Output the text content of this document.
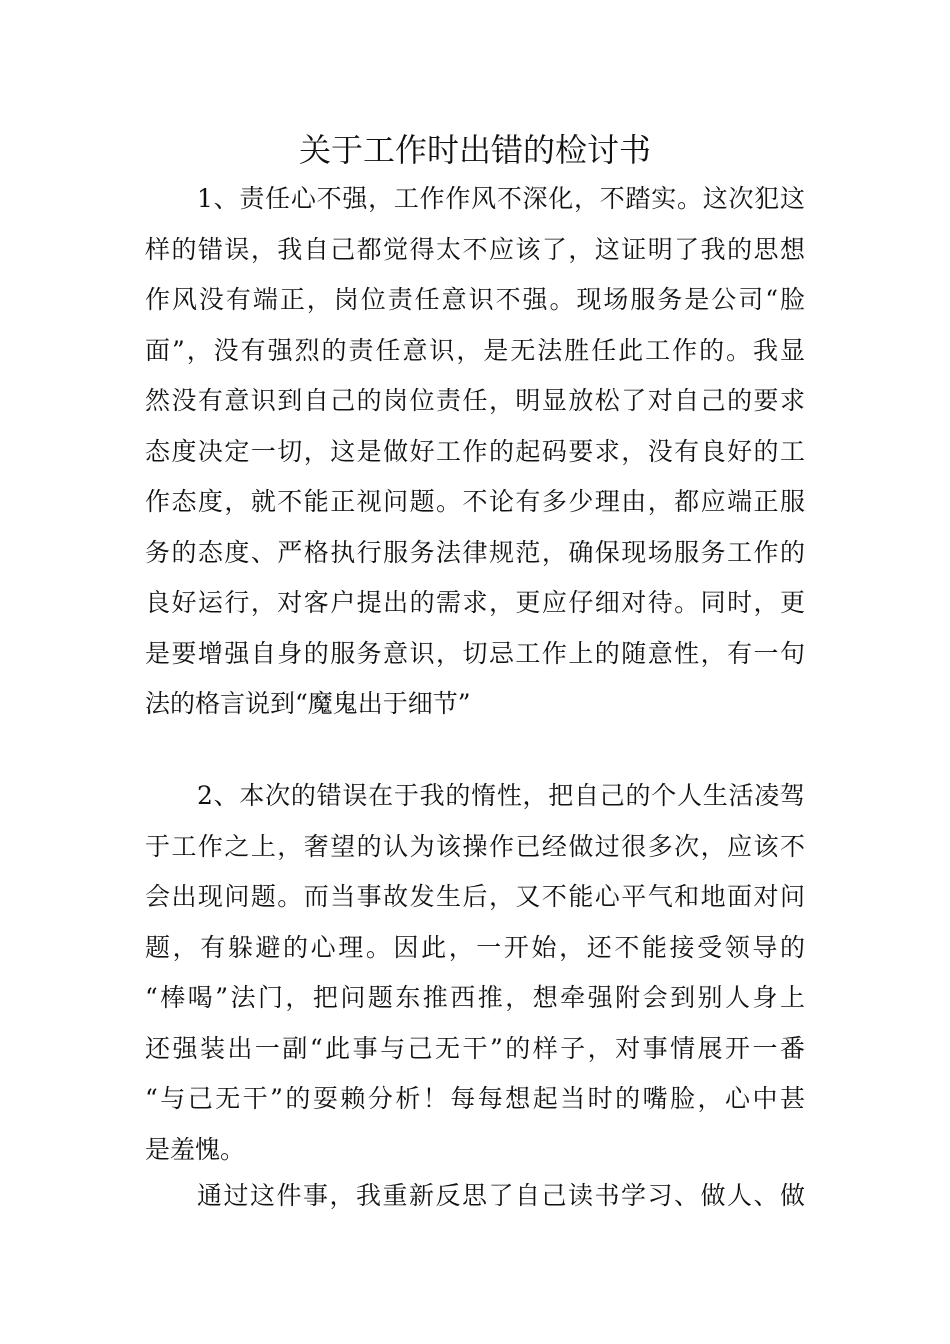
关于工作时出错的检讨书
1、责任心不强，工作作风不深化，不踏实。这次犯这
样的错误，我自己都觉得太不应该了，这证明了我的思想
作风没有端正，岗位责任意识不强。现场服务是公司“脸
面”，没有强烈的责任意识，是无法胜任此工作的。我显
然没有意识到自己的岗位责任，明显放松了对自己的要求
态度决定一切，这是做好工作的起码要求，没有良好的工
作态度，就不能正视问题。不论有多少理由，都应端正服
务的态度、严格执行服务法律规范，确保现场服务工作的
良好运行，对客户提出的需求，更应仔细对待。同时，更
是要增强自身的服务意识，切忌工作上的随意性，有一句
法的格言说到“魔鬼出于细节”
2、本次的错误在于我的惰性，把自己的个人生活凌驾
于工作之上，奢望的认为该操作已经做过很多次，应该不
会出现问题。而当事故发生后，又不能心平气和地面对问
题，有躲避的心理。因此，一开始，还不能接受领导的
“棒喝”法门，把问题东推西推，想牵强附会到别人身上
还强装出一副“此事与己无干”的样子，对事情展开一番
“与己无干”的耍赖分析！每每想起当时的嘴脸，心中甚
是羞愧。
通过这件事，我重新反思了自己读书学习、做人、做
